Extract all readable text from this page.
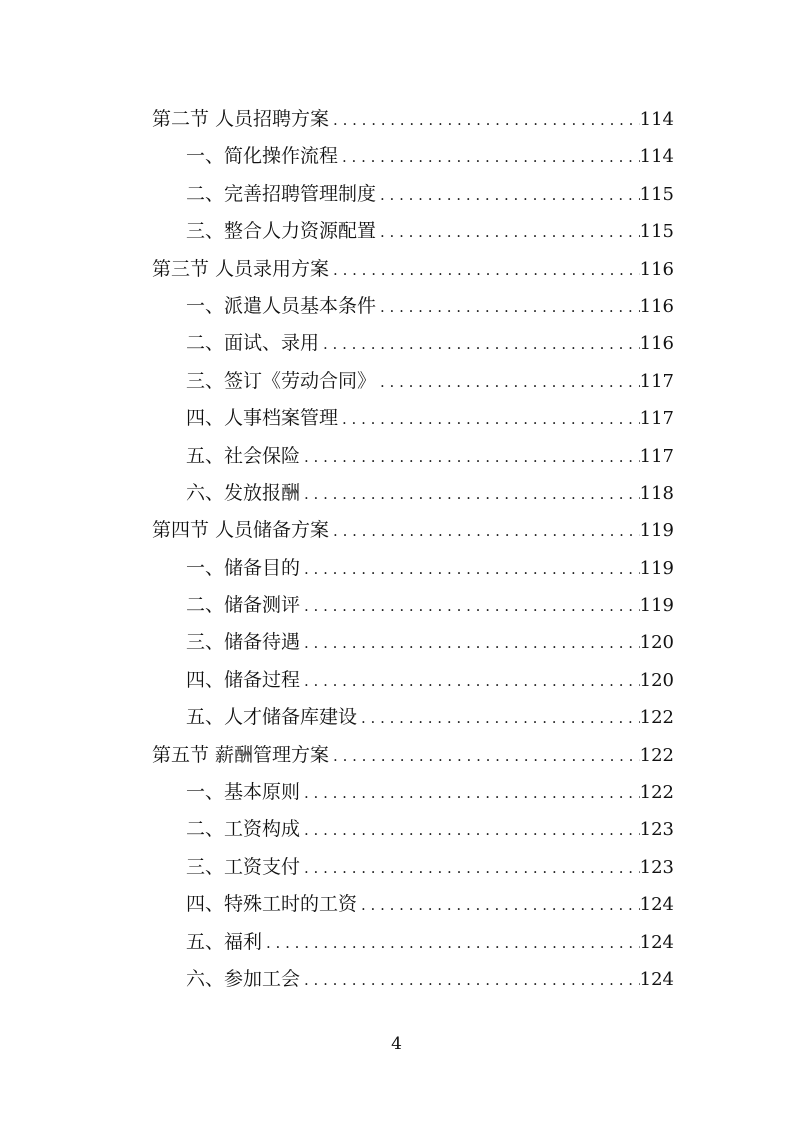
第二节 人员招聘方案 . . .	114
一、简化操作流程 . . .	114
二、完善招聘管理制度 . . .	115
三、整合人力资源配置 . . .	115
第三节 人员录用方案 . . .	116
一、派遣人员基本条件 . . .	116
二、面试、录用 . . .	116
三、签订《劳动合同》 . . .	117
四、人事档案管理 . . .	117
五、社会保险 . . .	117
六、发放报酬 . . .	118
第四节 人员储备方案 . . .	119
一、储备目的 . . .	119
二、储备测评 . . .	119
三、储备待遇 . . .	120
四、储备过程 . . .	120
五、人才储备库建设 . . .	122
第五节 薪酬管理方案 . . .	122
一、基本原则 . . .	122
二、工资构成 . . .	123
三、工资支付 . . .	123
四、特殊工时的工资 . . .	124
五、福利 . . .	124
六、参加工会 . . .	124
4
